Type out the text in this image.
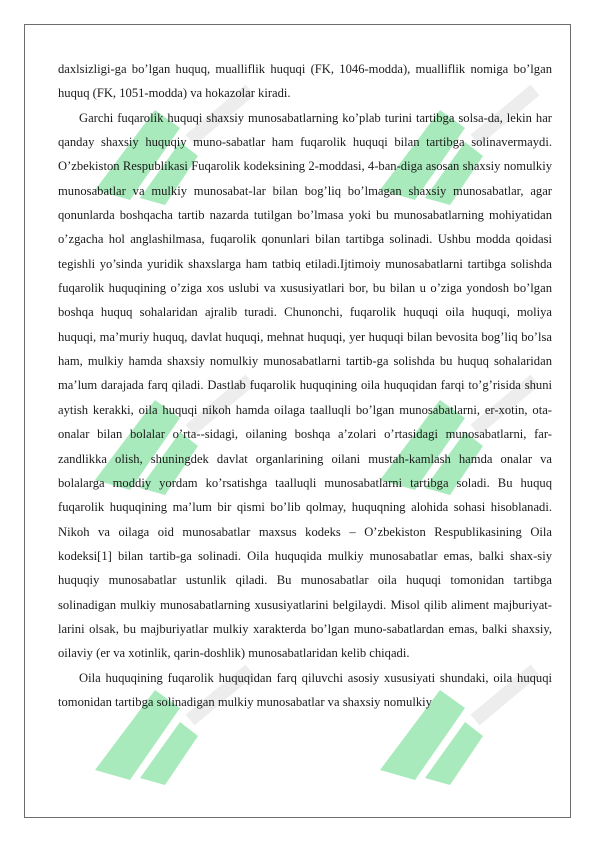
daxlsizligi-ga bo’lgan huquq, mualliflik huquqi (FK, 1046-modda), mualliflik nomiga bo’lgan huquq (FK, 1051-modda) va hokazolar kiradi.

Garchi fuqarolik huquqi shaxsiy munosabatlarning ko’plab turini tartibga solsa-da, lekin har qanday shaxsiy huquqiy muno-sabatlar ham fuqarolik huquqi bilan tartibga solinavermaydi. O’zbekiston Respublikasi Fuqarolik kodeksining 2-moddasi, 4-ban-diga asosan shaxsiy nomulkiy munosabatlar va mulkiy munosabat-lar bilan bog’liq bo’lmagan shaxsiy munosabatlar, agar qonunlarda boshqacha tartib nazarda tutilgan bo’lmasa yoki bu munosabatlarning mohiyatidan o’zgacha hol anglashilmasa, fuqarolik qonunlari bilan tartibga solinadi. Ushbu modda qoidasi tegishli yo’sinda yuridik shaxslarga ham tatbiq etiladi.Ijtimoiy munosabatlarni tartibga solishda fuqarolik huquqining o’ziga xos uslubi va xususiyatlari bor, bu bilan u o’ziga yondosh bo’lgan boshqa huquq sohalaridan ajralib turadi. Chunonchi, fuqarolik huquqi oila huquqi, moliya huquqi, ma’muriy huquq, davlat huquqi, mehnat huquqi, yer huquqi bilan bevosita bog’liq bo’lsa ham, mulkiy hamda shaxsiy nomulkiy munosabatlarni tartib-ga solishda bu huquq sohalaridan ma’lum darajada farq qiladi. Dastlab fuqarolik huquqining oila huquqidan farqi to’g’risida shuni aytish kerakki, oila huquqi nikoh hamda oilaga taalluqli bo’lgan munosabatlarni, er-xotin, ota-onalar bilan bolalar o’rta--sidagi, oilaning boshqa a’zolari o’rtasidagi munosabatlarni, far-zandlikka olish, shuningdek davlat organlarining oilani mustah-kamlash hamda onalar va bolalarga moddiy yordam ko’rsatishga taalluqli munosabatlarni tartibga soladi. Bu huquq fuqarolik huquqining ma’lum bir qismi bo’lib qolmay, huquqning alohida sohasi hisoblanadi. Nikoh va oilaga oid munosabatlar maxsus kodeks – O’zbekiston Respublikasining Oila kodeksi[1] bilan tartib-ga solinadi. Oila huquqida mulkiy munosabatlar emas, balki shax-siy huquqiy munosabatlar ustunlik qiladi. Bu munosabatlar oila huquqi tomonidan tartibga solinadigan mulkiy munosabatlarning xususiyatlarini belgilaydi. Misol qilib aliment majburiyat-larini olsak, bu majburiyatlar mulkiy xarakterda bo’lgan muno-sabatlardan emas, balki shaxsiy, oilaviy (er va xotinlik, qarin-doshlik) munosabatlaridan kelib chiqadi.

Oila huquqining fuqarolik huquqidan farq qiluvchi asosiy xususiyati shundaki, oila huquqi tomonidan tartibga solinadigan mulkiy munosabatlar va shaxsiy nomulkiy
